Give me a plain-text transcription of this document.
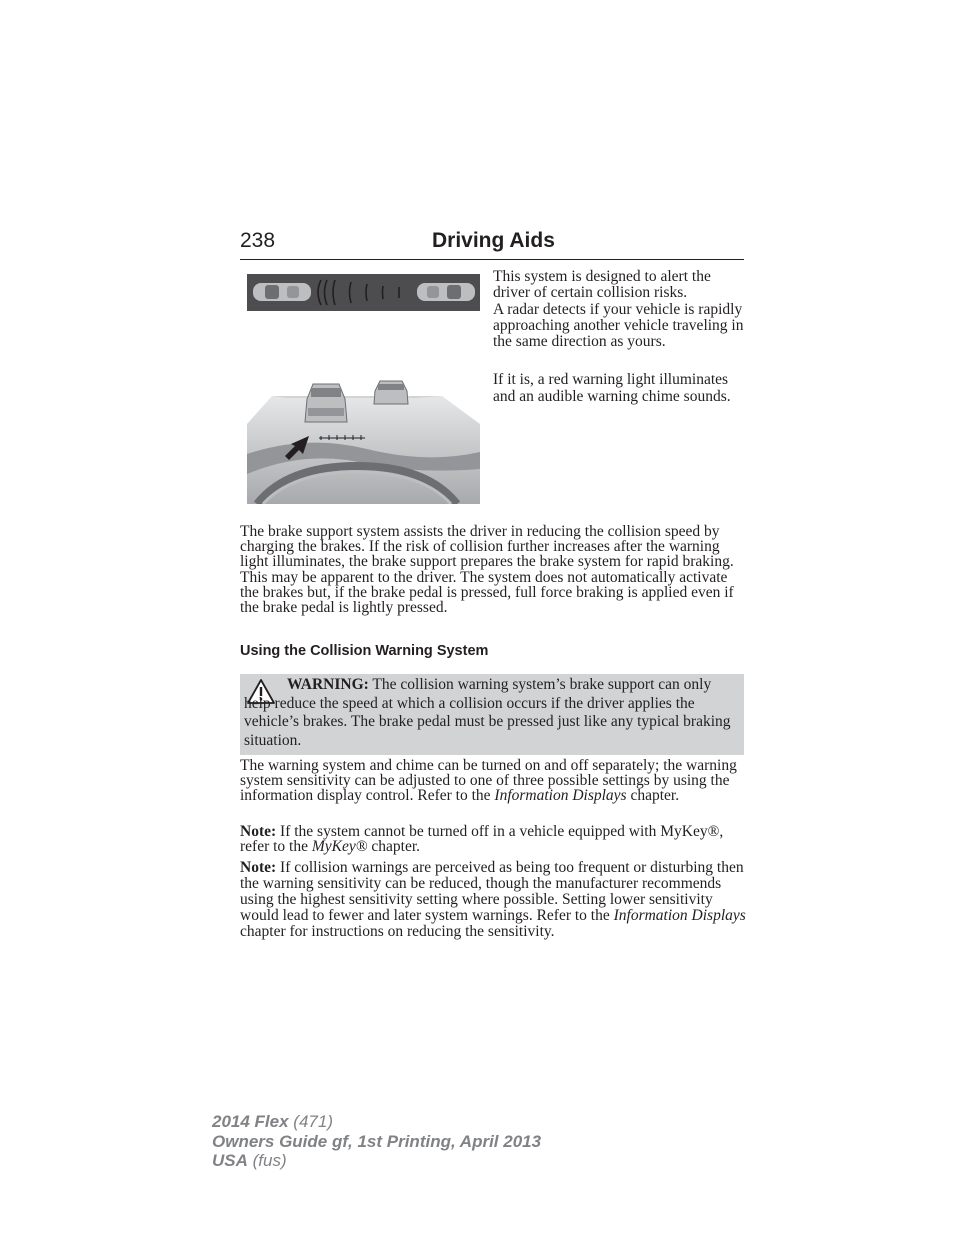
238	Driving Aids

This system is designed to alert the driver of certain collision risks.

A radar detects if your vehicle is rapidly approaching another vehicle traveling in the same direction as yours.

If it is, a red warning light illuminates and an audible warning chime sounds.

The brake support system assists the driver in reducing the collision speed by charging the brakes. If the risk of collision further increases after the warning light illuminates, the brake support prepares the brake system for rapid braking. This may be apparent to the driver. The system does not automatically activate the brakes but, if the brake pedal is pressed, full force braking is applied even if the brake pedal is lightly pressed.

Using the Collision Warning System

WARNING: The collision warning system’s brake support can only help reduce the speed at which a collision occurs if the driver applies the vehicle’s brakes. The brake pedal must be pressed just like any typical braking situation.

The warning system and chime can be turned on and off separately; the warning system sensitivity can be adjusted to one of three possible settings by using the information display control. Refer to the Information Displays chapter.

Note: If the system cannot be turned off in a vehicle equipped with MyKey®, refer to the MyKey® chapter.

Note: If collision warnings are perceived as being too frequent or disturbing then the warning sensitivity can be reduced, though the manufacturer recommends using the highest sensitivity setting where possible. Setting lower sensitivity would lead to fewer and later system warnings. Refer to the Information Displays chapter for instructions on reducing the sensitivity.

2014 Flex (471)
Owners Guide gf, 1st Printing, April 2013
USA (fus)
